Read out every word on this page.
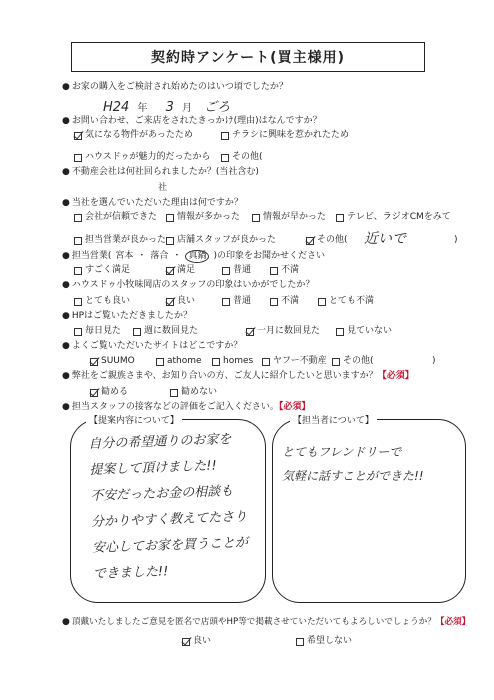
契約時アンケート(買主様用)
● お家の購入をご検討され始めたのはいつ頃でしたか？
H24 年 3 月 ごろ
● お問い合わせ、ご来店をされたきっかけ(理由)はなんですか？
気になる物件があったため	チラシに興味を惹かれたため
ハウスドゥが魅力的だったから その他(
● 不動産会社は何社回られましたか？(当社含む)
社
● 当社を選んでいただいた理由は何ですか？
会社が信頼できた 情報が多かった	情報が早かった テレビ、ラジオCMをみて
担当営業が良かった 店舗スタッフが良かった	その他( 近いで	)
● 担当営業( 宮本 ・ 落合 ・ 真鍋 )の印象をお聞かせください
すごく満足	満足	普通	不満
● ハウスドゥ小牧味岡店のスタッフの印象はいかがでしたか？
とても良い	良い	普通	不満	とても不満
● HPはご覧いただきましたか？
毎日見た	週に数回見た	一月に数回見た	見ていない
● よくご覧いただいたサイトはどこですか？
SUUMO	athome homes ヤフー不動産 その他(	)
● 弊社をご親族さまや、お知り合いの方、ご友人に紹介したいと思いますか？【必須】
勧める	勧めない
● 担当スタッフの接客などの評価をご記入ください。【必須】
【提案内容について】
自分の希望通りのお家を
提案して頂けました!!
不安だったお金の相談も
分かりやすく教えてたさり
安心してお家を買うことが
できました!!
【担当者について】
とてもフレンドリーで
気軽に話すことができた!!
● 頂戴いたしましたご意見を匿名で店頭やHP等で掲載させていただいてもよろしいでしょうか？【必須】
良い	希望しない
